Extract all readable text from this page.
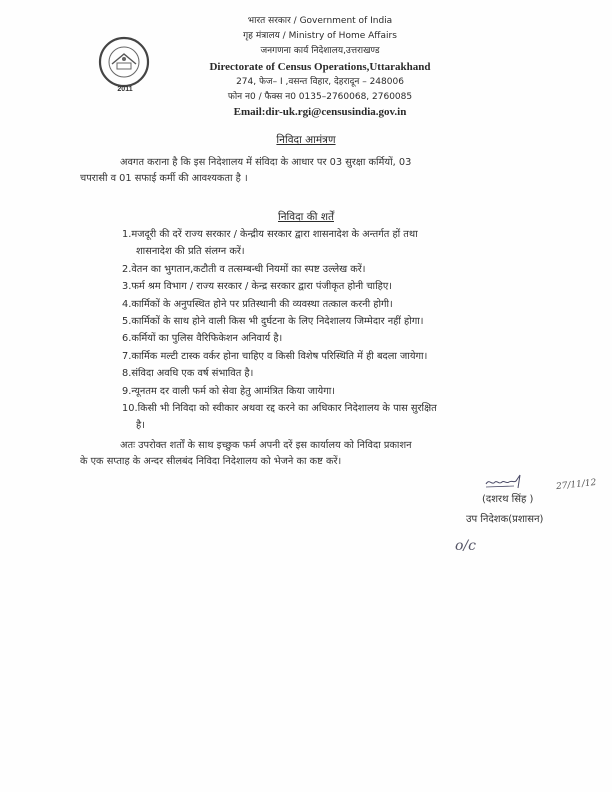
2011
भारत सरकार / Government of India
गृह मंत्रालय / Ministry of Home Affairs
जनगणना कार्य निदेशालय,उत्तराखण्ड
Directorate of Census Operations,Uttarakhand
274, फेज– I ,वसन्त विहार, देहरादून – 248006
फोन न0 / फैक्स न0 0135–2760068, 2760085
Email:dir-uk.rgi@censusindia.gov.in
निविदा आमंत्रण
अवगत कराना है कि इस निदेशालय में संविदा के आधार पर 03 सुरक्षा कर्मियों, 03
चपरासी व 01 सफाई कर्मी की आवश्यकता है ।
निविदा की शर्तें
1.मजदूरी की दरें राज्य सरकार / केन्द्रीय सरकार द्वारा शासनादेश के अन्तर्गत हों तथा
शासनादेश की प्रति संलग्न करें।
2.वेतन का भुगतान,कटौती व तत्सम्बन्धी नियमों का स्पष्ट उल्लेख करें।
3.फर्म श्रम विभाग / राज्य सरकार / केन्द्र सरकार द्वारा पंजीकृत होनी चाहिए।
4.कार्मिकों के अनुपस्थित होने पर प्रतिस्थानी की व्यवस्था तत्काल करनी होगी।
5.कार्मिकों के साथ होने वाली किस भी दुर्घटना के लिए निदेशालय जिम्मेदार नहीं होगा।
6.कर्मियों का पुलिस वैरिफिकेशन अनिवार्य है।
7.कार्मिक मल्टी टास्क वर्कर होना चाहिए व किसी विशेष परिस्थिति में ही बदला जायेगा।
8.संविदा अवधि एक वर्ष संभावित है।
9.न्यूनतम दर वाली फर्म को सेवा हेतु आमंत्रित किया जायेगा।
10.किसी भी निविदा को स्वीकार अथवा रद्द करने का अधिकार निदेशालय के पास सुरक्षित
है।
अतः उपरोक्त शर्तों के साथ इच्छुक फर्म अपनी दरें इस कार्यालय को निविदा प्रकाशन
के एक सप्ताह के अन्दर सीलबंद निविदा निदेशालय को भेजने का कष्ट करें।
(दशरथ सिंह )
27/11/12
उप निदेशक(प्रशासन)
o/c
